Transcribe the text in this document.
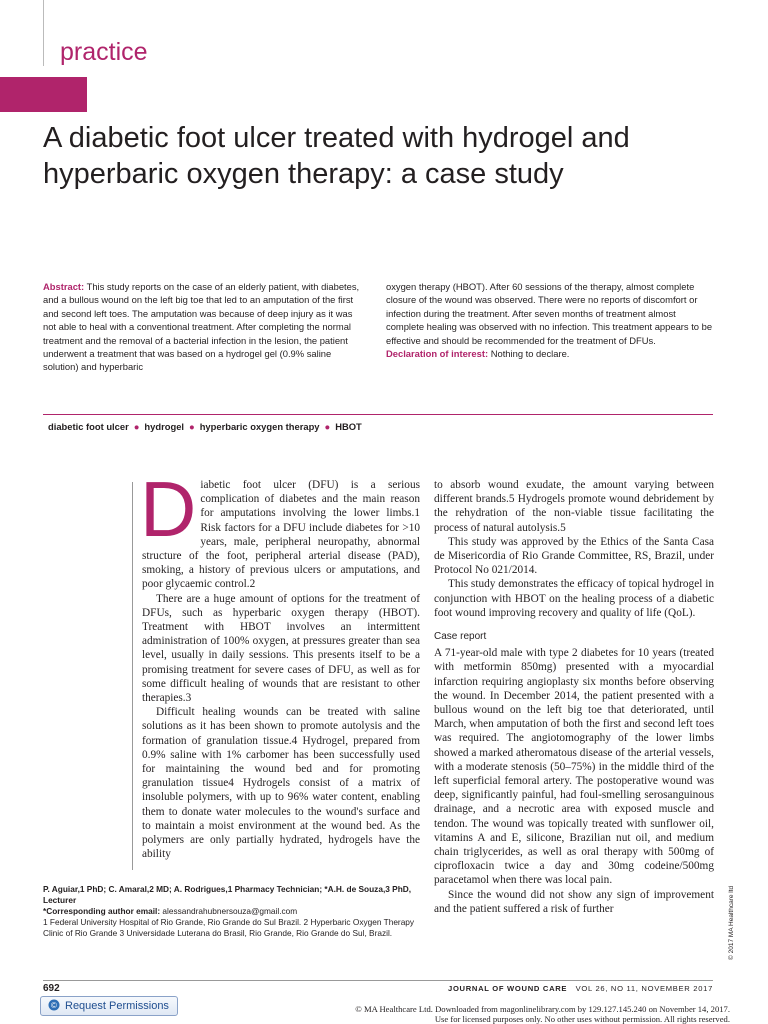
practice
A diabetic foot ulcer treated with hydrogel and hyperbaric oxygen therapy: a case study

Abstract: This study reports on the case of an elderly patient, with diabetes, and a bullous wound on the left big toe that led to an amputation of the first and second left toes. The amputation was because of deep injury as it was not able to heal with a conventional treatment. After completing the normal treatment and the removal of a bacterial infection in the lesion, the patient underwent a treatment that was based on a hydrogel gel (0.9% saline solution) and hyperbaric

oxygen therapy (HBOT). After 60 sessions of the therapy, almost complete closure of the wound was observed. There were no reports of discomfort or infection during the treatment. After seven months of treatment almost complete healing was observed with no infection. This treatment appears to be effective and should be recommended for the treatment of DFUs.

Declaration of interest: Nothing to declare.

diabetic foot ulcer ● hydrogel ● hyperbaric oxygen therapy ● HBOT

Diabetic foot ulcer (DFU) is a serious complication of diabetes and the main reason for amputations involving the lower limbs.1 Risk factors for a DFU include diabetes for >10 years, male, peripheral neuropathy, abnormal structure of the foot, peripheral arterial disease (PAD), smoking, a history of previous ulcers or amputations, and poor glycaemic control.2

There are a huge amount of options for the treatment of DFUs, such as hyperbaric oxygen therapy (HBOT). Treatment with HBOT involves an intermittent administration of 100% oxygen, at pressures greater than sea level, usually in daily sessions. This presents itself to be a promising treatment for severe cases of DFU, as well as for some difficult healing of wounds that are resistant to other therapies.3

Difficult healing wounds can be treated with saline solutions as it has been shown to promote autolysis and the formation of granulation tissue.4 Hydrogel, prepared from 0.9% saline with 1% carbomer has been successfully used for maintaining the wound bed and for promoting granulation tissue4 Hydrogels consist of a matrix of insoluble polymers, with up to 96% water content, enabling them to donate water molecules to the wound's surface and to maintain a moist environment at the wound bed. As the polymers are only partially hydrated, hydrogels have the ability

to absorb wound exudate, the amount varying between different brands.5 Hydrogels promote wound debridement by the rehydration of the non-viable tissue facilitating the process of natural autolysis.5

This study was approved by the Ethics of the Santa Casa de Misericordia of Rio Grande Committee, RS, Brazil, under Protocol No 021/2014.

This study demonstrates the efficacy of topical hydrogel in conjunction with HBOT on the healing process of a diabetic foot wound improving recovery and quality of life (QoL).

Case report

A 71-year-old male with type 2 diabetes for 10 years (treated with metformin 850mg) presented with a myocardial infarction requiring angioplasty six months before observing the wound. In December 2014, the patient presented with a bullous wound on the left big toe that deteriorated, until March, when amputation of both the first and second left toes was required. The angiotomography of the lower limbs showed a marked atheromatous disease of the arterial vessels, with a moderate stenosis (50–75%) in the middle third of the left superficial femoral artery. The postoperative wound was deep, significantly painful, had foul-smelling serosanguinous drainage, and a necrotic area with exposed muscle and tendon. The wound was topically treated with sunflower oil, vitamins A and E, silicone, Brazilian nut oil, and medium chain triglycerides, as well as oral therapy with 500mg of ciprofloxacin twice a day and 30mg codeine/500mg paracetamol when there was local pain.

Since the wound did not show any sign of improvement and the patient suffered a risk of further

P. Aguiar,1 PhD; C. Amaral,2 MD; A. Rodrigues,1 Pharmacy Technician; *A.H. de Souza,3 PhD, Lecturer

*Corresponding author email: alessandrahubnersouza@gmail.com

1 Federal University Hospital of Rio Grande, Rio Grande do Sul Brazil. 2 Hyperbaric Oxygen Therapy Clinic of Rio Grande 3 Universidade Luterana do Brasil, Rio Grande, Rio Grande do Sul, Brazil.	© 2017 MA Healthcare ltd
692	JOURNAL OF WOUND CARE VOL 26, NO 11, NOVEMBER 2017
© Request Permissions	© MA Healthcare Ltd. Downloaded from magonlinelibrary.com by 129.127.145.240 on November 14, 2017.
Use for licensed purposes only. No other uses without permission. All rights reserved.
